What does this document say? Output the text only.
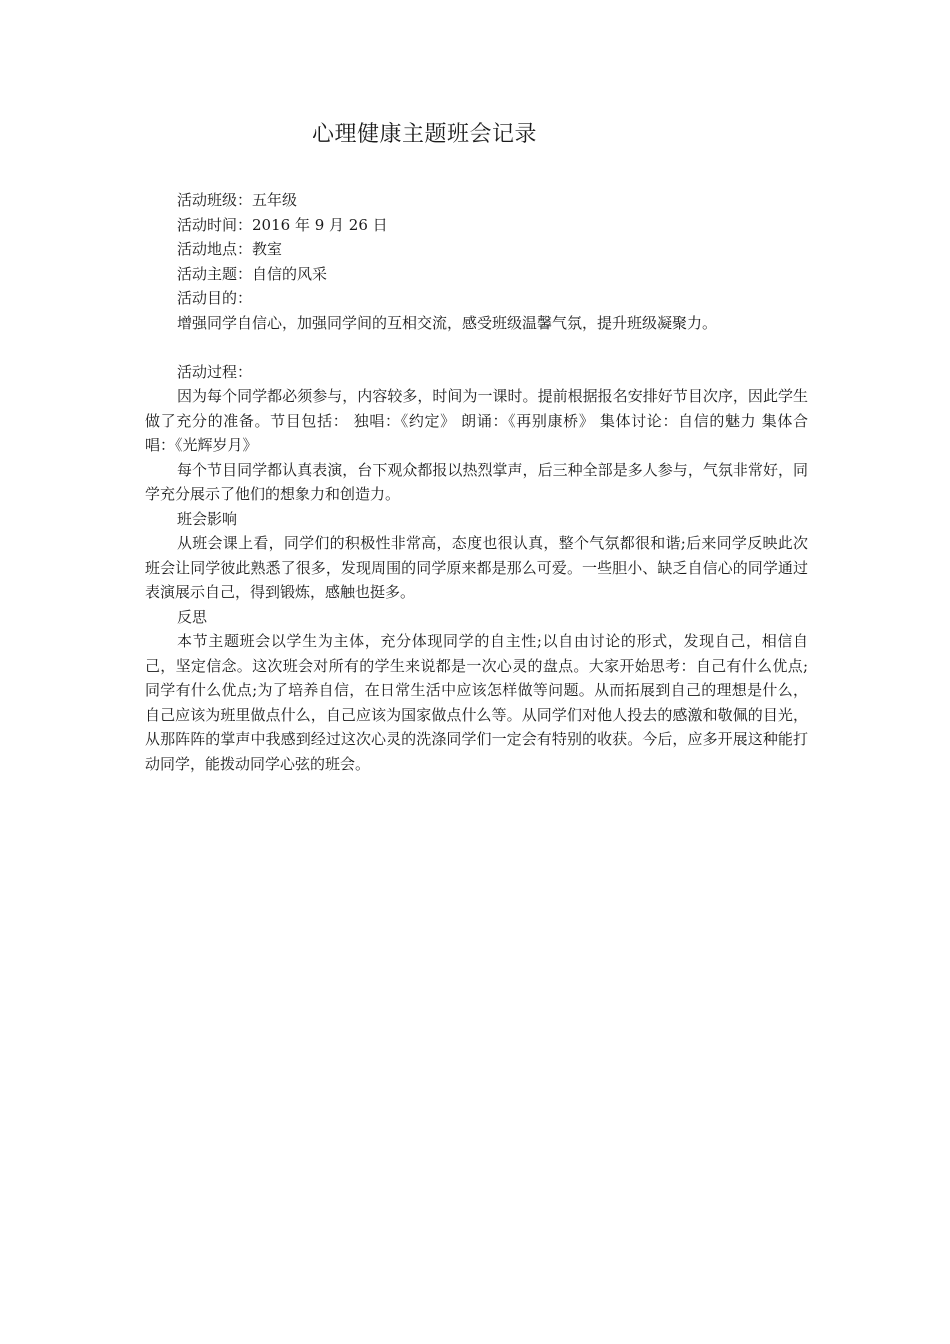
心理健康主题班会记录
活动班级：五年级
活动时间：2016 年 9 月 26 日
活动地点：教室
活动主题：自信的风采
活动目的：
增强同学自信心，加强同学间的互相交流，感受班级温馨气氛，提升班级凝聚力。
活动过程：

因为每个同学都必须参与，内容较多，时间为一课时。提前根据报名安排好节目次序，因此学生做了充分的准备。节目包括： 独唱：《约定》 朗诵：《再别康桥》 集体讨论：自信的魅力 集体合唱：《光辉岁月》

每个节目同学都认真表演，台下观众都报以热烈掌声，后三种全部是多人参与，气氛非常好，同学充分展示了他们的想象力和创造力。

班会影响

从班会课上看，同学们的积极性非常高，态度也很认真，整个气氛都很和谐;后来同学反映此次班会让同学彼此熟悉了很多，发现周围的同学原来都是那么可爱。一些胆小、缺乏自信心的同学通过表演展示自己，得到锻炼，感触也挺多。

反思

本节主题班会以学生为主体，充分体现同学的自主性;以自由讨论的形式，发现自己，相信自己，坚定信念。这次班会对所有的学生来说都是一次心灵的盘点。大家开始思考：自己有什么优点;同学有什么优点;为了培养自信，在日常生活中应该怎样做等问题。从而拓展到自己的理想是什么，自己应该为班里做点什么，自己应该为国家做点什么等。从同学们对他人投去的感激和敬佩的目光，从那阵阵的掌声中我感到经过这次心灵的洗涤同学们一定会有特别的收获。今后，应多开展这种能打动同学，能拨动同学心弦的班会。
